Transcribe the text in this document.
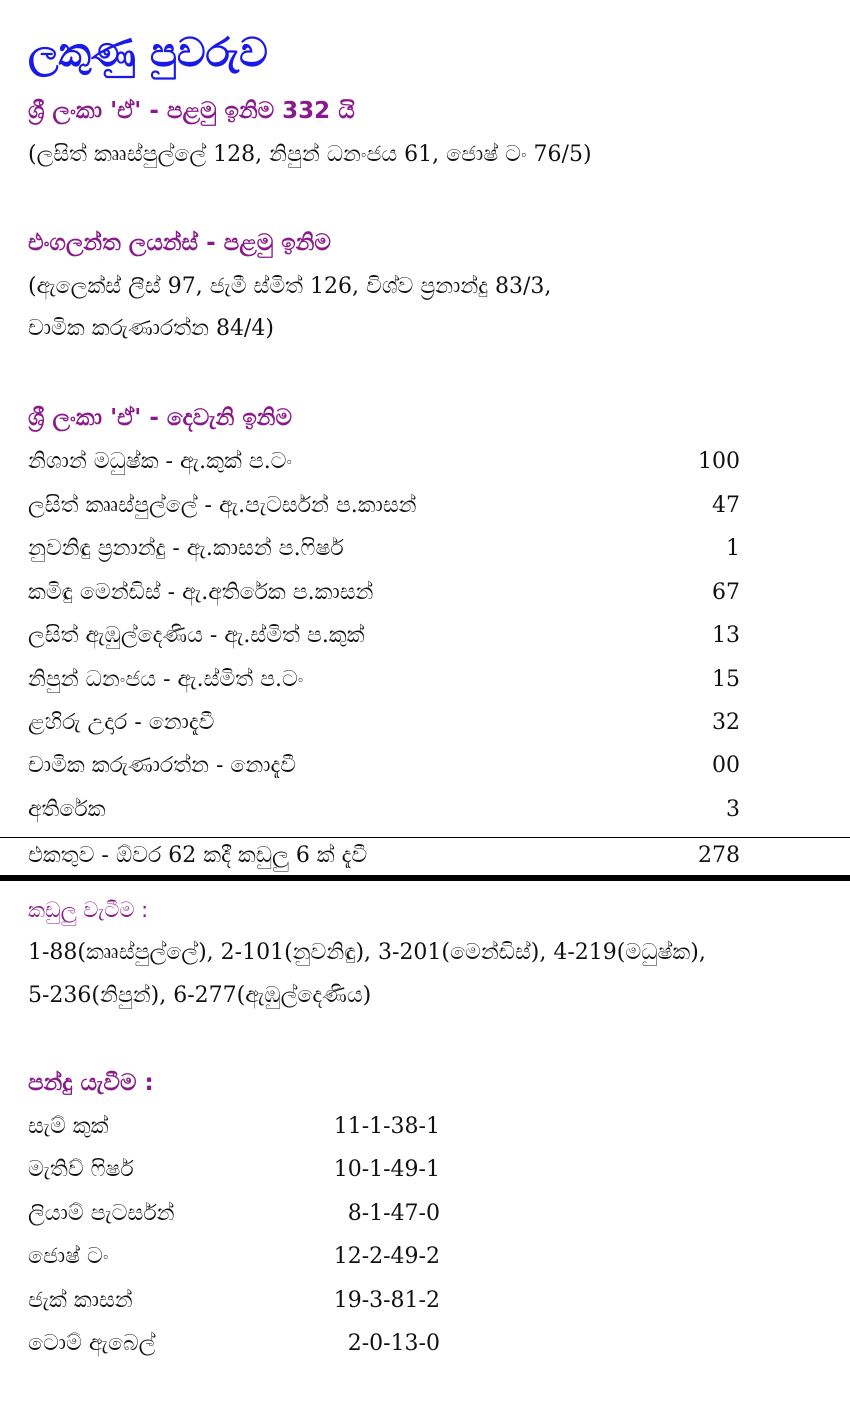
ලකුණු පුවරුව
ශ්‍රී ලංකා 'ඒ' - පළමු ඉනිම 332 යි
(ලසිත් කෲස්පුල්ලේ 128, නිපුන් ධනංජය 61, ජොෂ් ටං 76/5)
එංගලන්ත ලයන්ස් - පළමු ඉනිම
(ඇලෙක්ස් ලීස් 97, ජැමී ස්මිත් 126, විශ්ව ප්‍රනාන්දු 83/3,
චාමික කරුණාරත්න 84/4)
ශ්‍රී ලංකා 'ඒ' - දෙවැනි ඉනිම
නිශාන් මධුෂ්ක - ඇ.කුක් ප.ටං	100
ලසිත් කෲස්පුල්ලේ - ඇ.පැටර්සන් ප.කාසන්	47
නුවනිඳු ප්‍රනාන්දු - ඇ.කාසන් ප.ෆිෂර්	1
කමිඳු මෙන්ඩිස් - ඇ.අතිරේක ප.කාසන්	67
ලසිත් ඇඹුල්දෙණිය - ඇ.ස්මිත් ප.කුක්	13
නිපුන් ධනංජය - ඇ.ස්මිත් ප.ටං	15
ළහිරු උදාර - නොදැවී	32
චාමික කරුණාරත්න - නොදැවී	00
අතිරේක	3
එකතුව - ඕවර 62 කදී කඩුලු 6 ක් දැවී	278
කඩුලු වැටීම :
1-88(කෲස්පුල්ලේ), 2-101(නුවනිඳු), 3-201(මෙන්ඩිස්), 4-219(මධුෂ්ක),
5-236(නිපුන්), 6-277(ඇඹුල්දෙණිය)
පන්දු යැවීම :
සැම් කුක්	11-1-38-1
මැතිව් ෆිෂර්	10-1-49-1
ලියාම් පැටර්සන්	8-1-47-0
ජොෂ් ටං	12-2-49-2
ජැක් කාසන්	19-3-81-2
ටොම් ඇබෙල්	2-0-13-0
